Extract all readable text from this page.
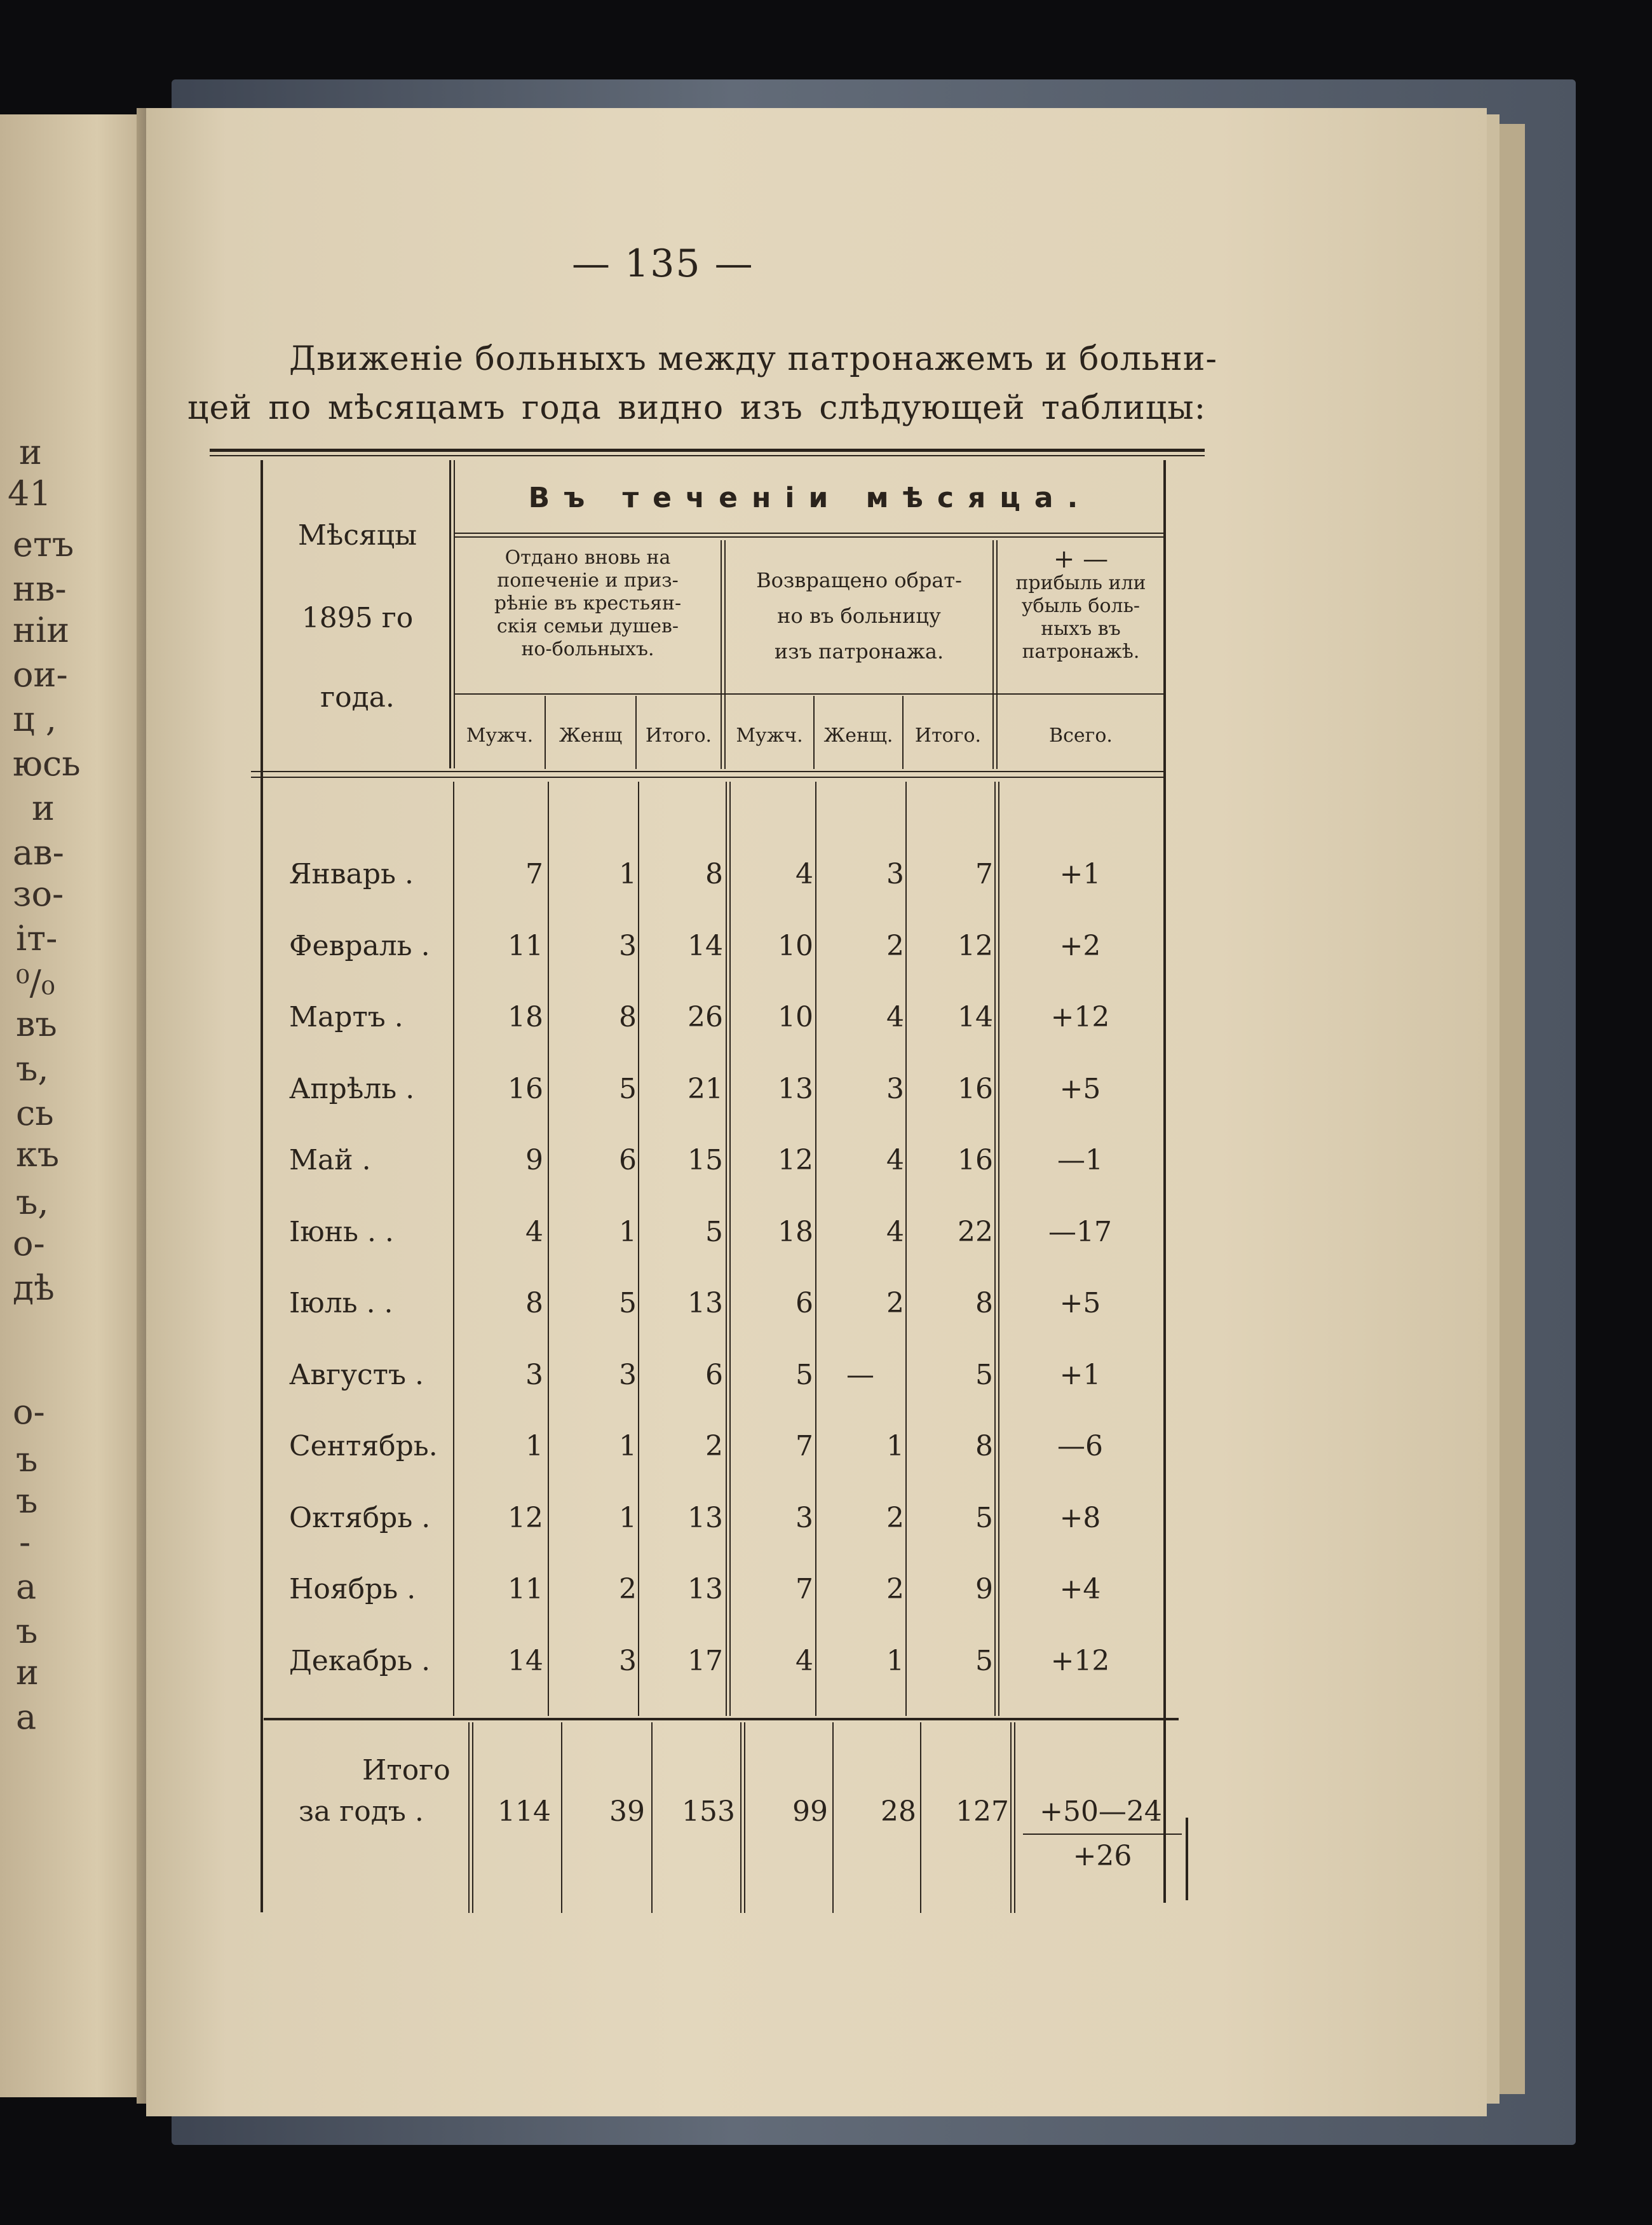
и
41
етъ
нв-
ніи
ои-
ц ,
юсь
и
ав-
зо-
іт-
⁰/₀
въ
ъ,
сь
къ
ъ,
о-
дѣ
о-
ъ
ъ
-
а
ъ
и
а
— 135 —
Движеніе больныхъ между патронажемъ и больни-
цей по мѣсяцамъ года видно изъ слѣдующей таблицы:
Мѣсяцы
1895 го
года.
Въ теченіи мѣсяца.
Отдано вновь на
попеченіе и приз-
рѣніе въ крестьян-
скія семьи душев-
но-больныхъ.
Возвращено обрат-
но въ больницу
изъ патронажа.
+ —
прибыль или
убыль боль-
ныхъ въ
патронажѣ.
Мужч.	Женщ	Итого.	Мужч.	Женщ.	Итого.	Всего.
Январь .	7	1	8	4	3	7	+1
Февраль .	11	3	14	10	2	12	+2
Мартъ .	18	8	26	10	4	14	+12
Апрѣль .	16	5	21	13	3	16	+5
Май .	9	6	15	12	4	16	—1
Іюнь . .	4	1	5	18	4	22	—17
Іюль . .	8	5	13	6	2	8	+5
Августъ .	3	3	6	5	—	5	+1
Сентябрь.	1	1	2	7	1	8	—6
Октябрь .	12	1	13	3	2	5	+8
Ноябрь .	11	2	13	7	2	9	+4
Декабрь .	14	3	17	4	1	5	+12
Итого
за годъ .	114	39	153	99	28	127	+50—24
+26
